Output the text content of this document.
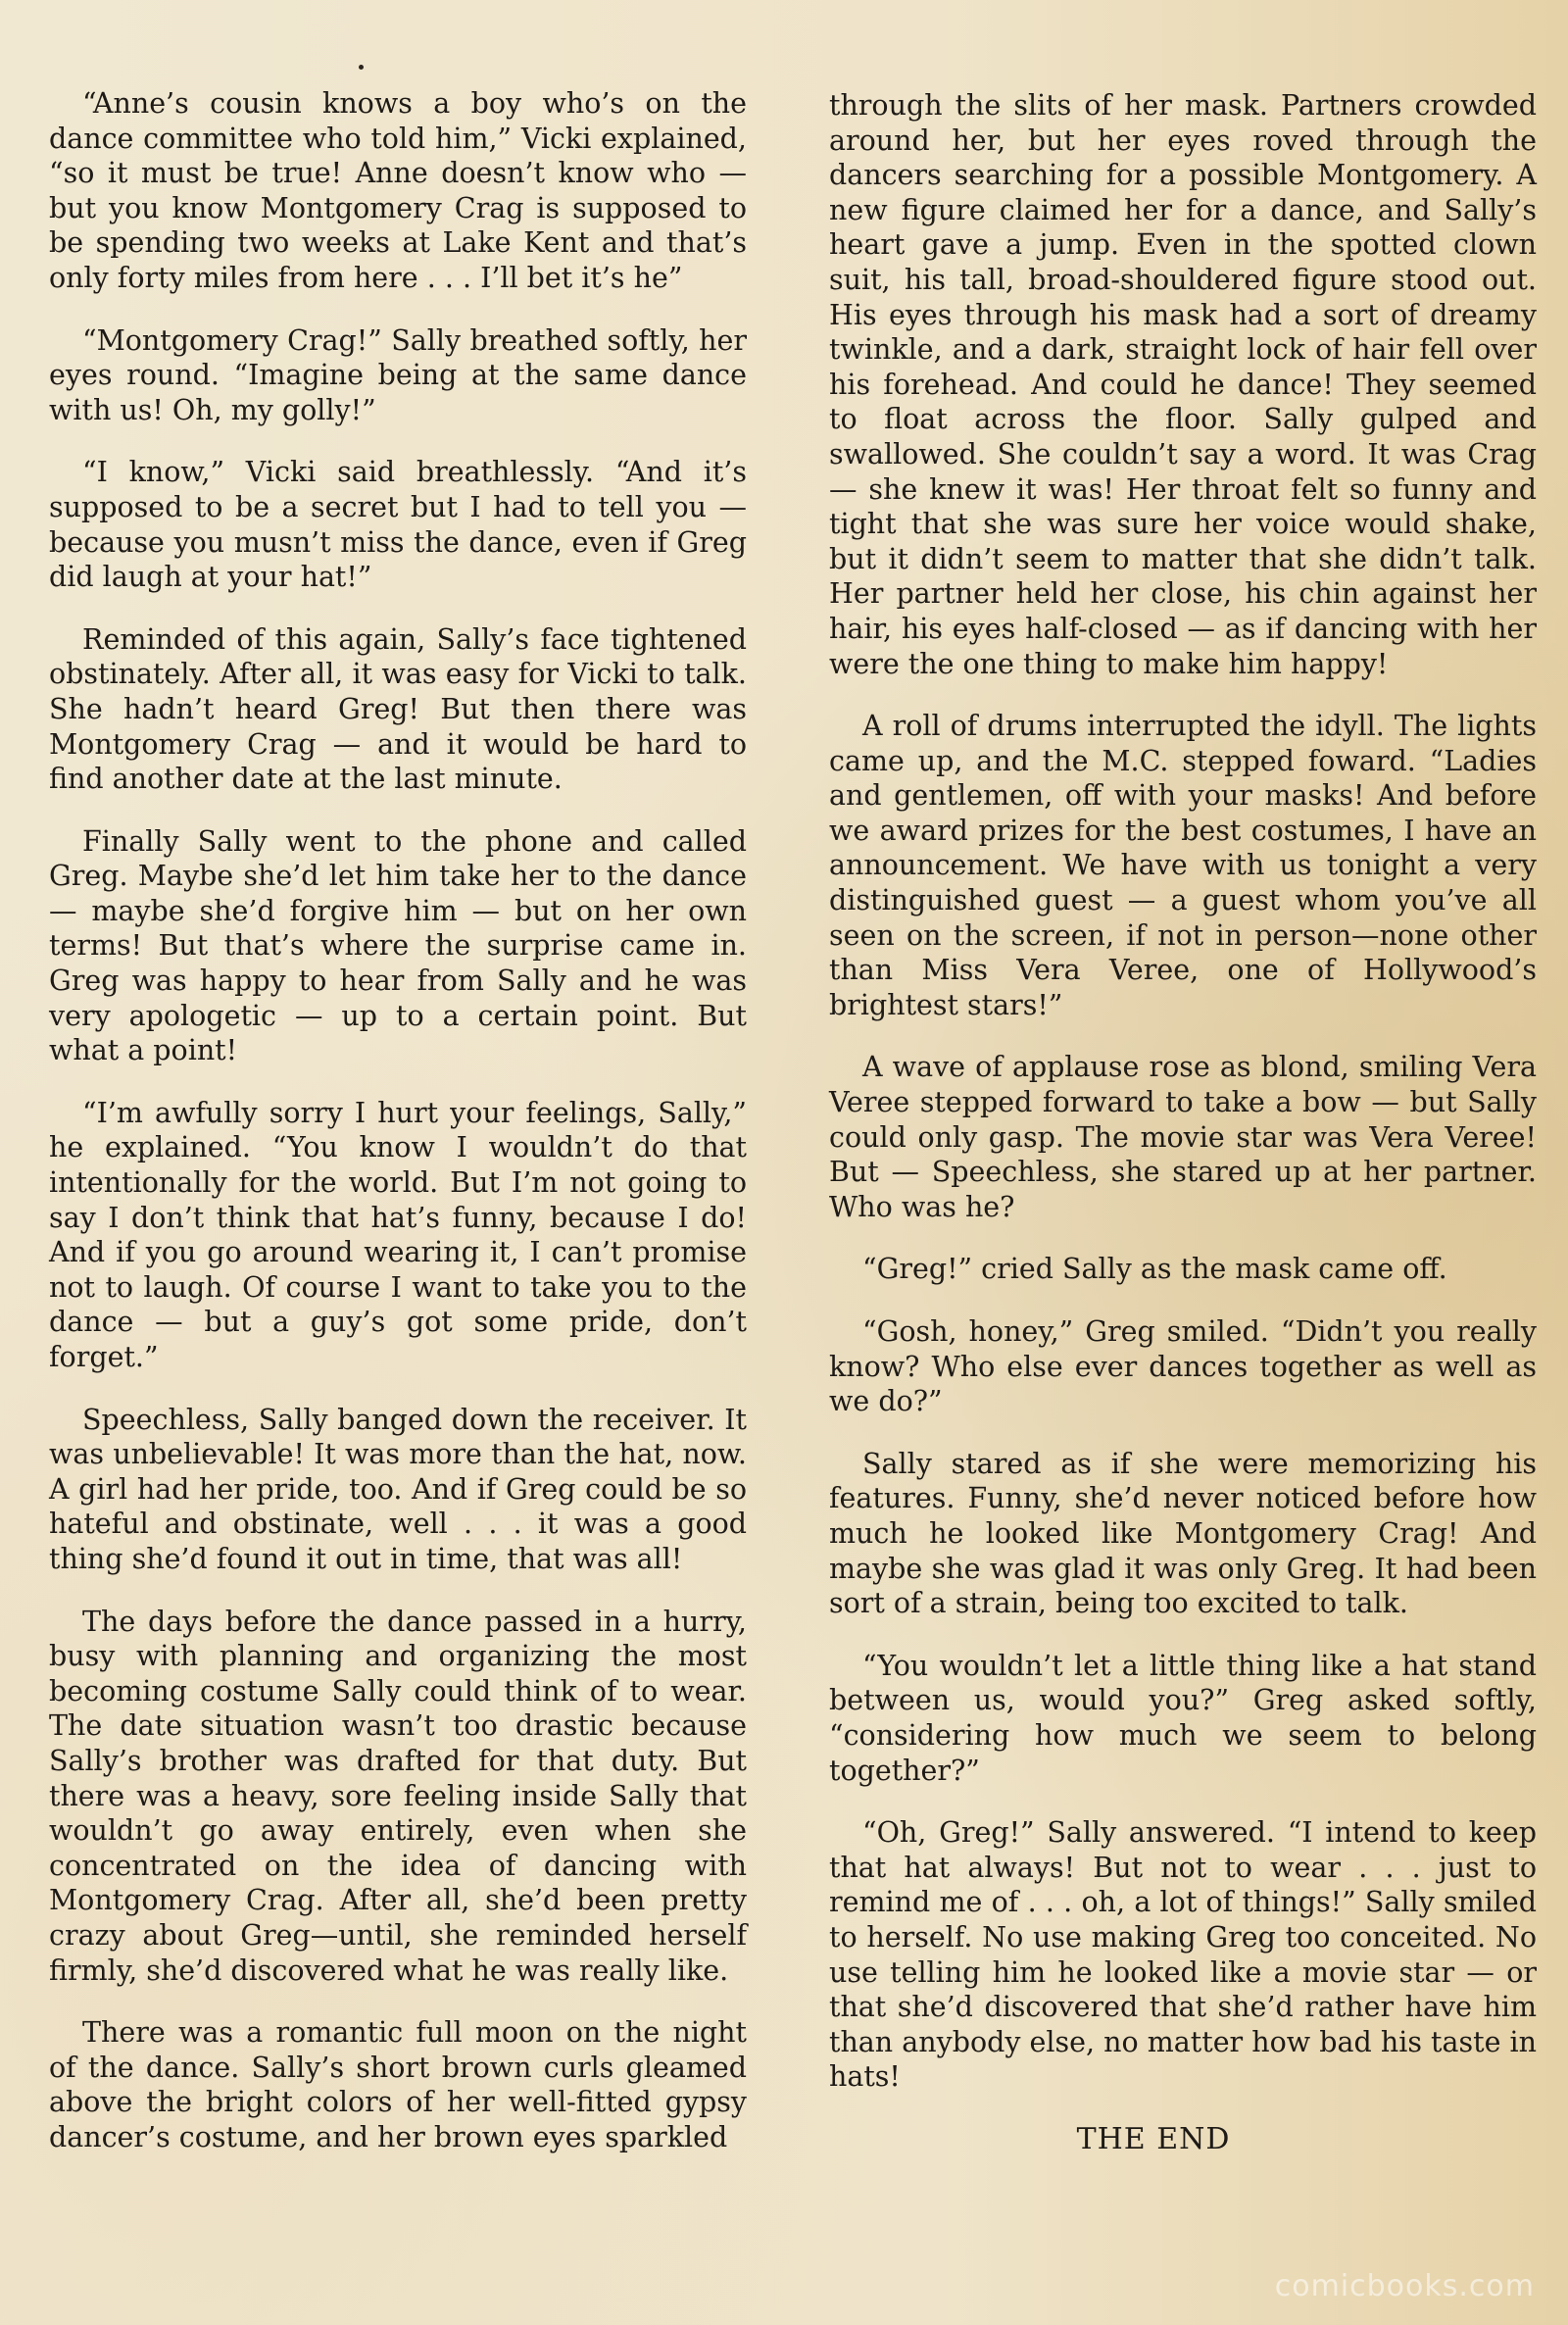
“Anne’s cousin knows a boy who’s on the dance committee who told him,” Vicki explained, “so it must be true! Anne doesn’t know who — but you know Montgomery Crag is supposed to be spending two weeks at Lake Kent and that’s only forty miles from here . . . I’ll bet it’s he”

“Montgomery Crag!” Sally breathed softly, her eyes round. “Imagine being at the same dance with us! Oh, my golly!”

“I know,” Vicki said breathlessly. “And it’s supposed to be a secret but I had to tell you — because you musn’t miss the dance, even if Greg did laugh at your hat!”

Reminded of this again, Sally’s face tightened obstinately. After all, it was easy for Vicki to talk. She hadn’t heard Greg! But then there was Montgomery Crag — and it would be hard to find another date at the last minute.

Finally Sally went to the phone and called Greg. Maybe she’d let him take her to the dance — maybe she’d forgive him — but on her own terms! But that’s where the surprise came in. Greg was happy to hear from Sally and he was very apologetic — up to a certain point. But what a point!

“I’m awfully sorry I hurt your feelings, Sally,” he explained. “You know I wouldn’t do that intentionally for the world. But I’m not going to say I don’t think that hat’s funny, because I do! And if you go around wearing it, I can’t promise not to laugh. Of course I want to take you to the dance — but a guy’s got some pride, don’t forget.”

Speechless, Sally banged down the receiver. It was unbelievable! It was more than the hat, now. A girl had her pride, too. And if Greg could be so hateful and obstinate, well . . . it was a good thing she’d found it out in time, that was all!

The days before the dance passed in a hurry, busy with planning and organizing the most becoming costume Sally could think of to wear. The date situation wasn’t too drastic because Sally’s brother was drafted for that duty. But there was a heavy, sore feeling inside Sally that wouldn’t go away entirely, even when she concentrated on the idea of dancing with Montgomery Crag. After all, she’d been pretty crazy about Greg—until, she reminded herself firmly, she’d discovered what he was really like.

There was a romantic full moon on the night of the dance. Sally’s short brown curls gleamed above the bright colors of her well-fitted gypsy dancer’s costume, and her brown eyes sparkled

through the slits of her mask. Partners crowded around her, but her eyes roved through the dancers searching for a possible Montgomery. A new figure claimed her for a dance, and Sally’s heart gave a jump. Even in the spotted clown suit, his tall, broad-shouldered figure stood out. His eyes through his mask had a sort of dreamy twinkle, and a dark, straight lock of hair fell over his forehead. And could he dance! They seemed to float across the floor. Sally gulped and swallowed. She couldn’t say a word. It was Crag — she knew it was! Her throat felt so funny and tight that she was sure her voice would shake, but it didn’t seem to matter that she didn’t talk. Her partner held her close, his chin against her hair, his eyes half-closed — as if dancing with her were the one thing to make him happy!

A roll of drums interrupted the idyll. The lights came up, and the M.C. stepped foward. “Ladies and gentlemen, off with your masks! And before we award prizes for the best costumes, I have an announcement. We have with us tonight a very distinguished guest — a guest whom you’ve all seen on the screen, if not in person—none other than Miss Vera Veree, one of Hollywood’s brightest stars!”

A wave of applause rose as blond, smiling Vera Veree stepped forward to take a bow — but Sally could only gasp. The movie star was Vera Veree! But — Speechless, she stared up at her partner. Who was he?

“Greg!” cried Sally as the mask came off.

“Gosh, honey,” Greg smiled. “Didn’t you really know? Who else ever dances together as well as we do?”

Sally stared as if she were memorizing his features. Funny, she’d never noticed before how much he looked like Montgomery Crag! And maybe she was glad it was only Greg. It had been sort of a strain, being too excited to talk.

“You wouldn’t let a little thing like a hat stand between us, would you?” Greg asked softly, “considering how much we seem to belong together?”

“Oh, Greg!” Sally answered. “I intend to keep that hat always! But not to wear . . . just to remind me of . . . oh, a lot of things!” Sally smiled to herself. No use making Greg too conceited. No use telling him he looked like a movie star — or that she’d discovered that she’d rather have him than anybody else, no matter how bad his taste in hats!

THE END
comicbooks.com
